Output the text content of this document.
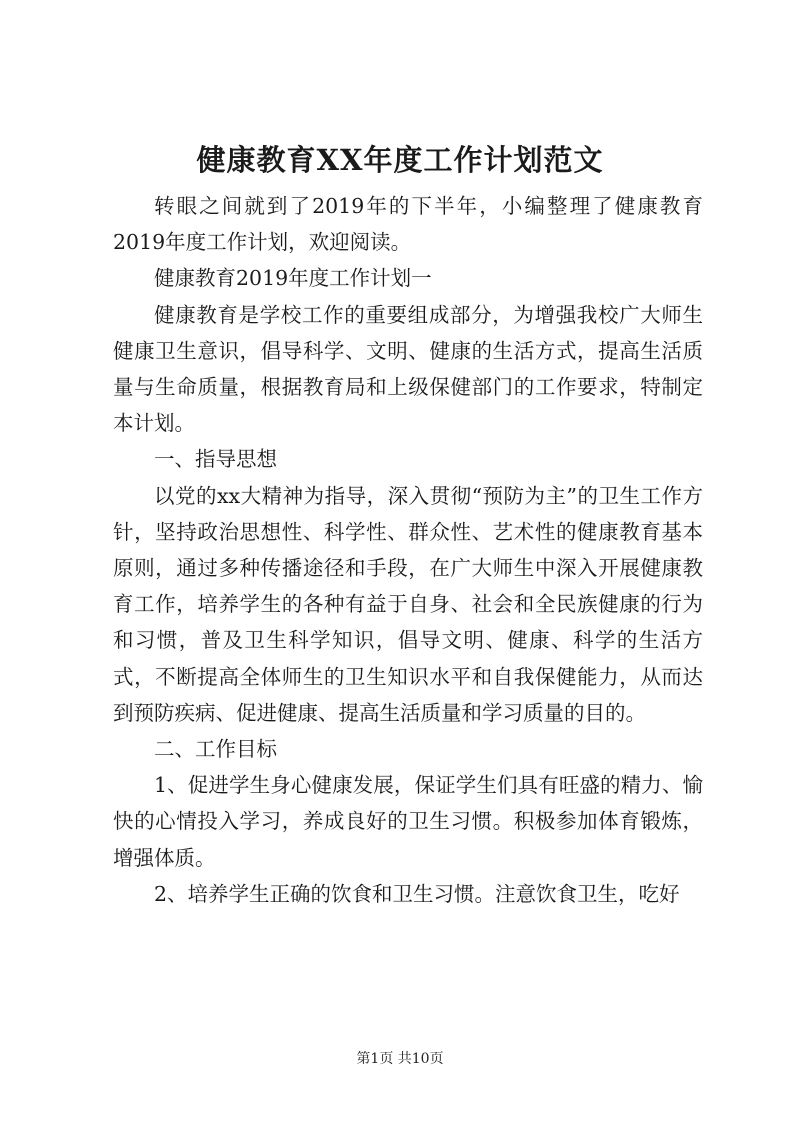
健康教育XX年度工作计划范文

转眼之间就到了2019年的下半年，小编整理了健康教育2019年度工作计划，欢迎阅读。

健康教育2019年度工作计划一

健康教育是学校工作的重要组成部分，为增强我校广大师生健康卫生意识，倡导科学、文明、健康的生活方式，提高生活质量与生命质量，根据教育局和上级保健部门的工作要求，特制定本计划。

一、指导思想

以党的xx大精神为指导，深入贯彻“预防为主”的卫生工作方针，坚持政治思想性、科学性、群众性、艺术性的健康教育基本原则，通过多种传播途径和手段，在广大师生中深入开展健康教育工作，培养学生的各种有益于自身、社会和全民族健康的行为和习惯，普及卫生科学知识，倡导文明、健康、科学的生活方式，不断提高全体师生的卫生知识水平和自我保健能力，从而达到预防疾病、促进健康、提高生活质量和学习质量的目的。

二、工作目标

1、促进学生身心健康发展，保证学生们具有旺盛的精力、愉快的心情投入学习，养成良好的卫生习惯。积极参加体育锻炼，增强体质。

2、培养学生正确的饮食和卫生习惯。注意饮食卫生，吃好

第1页 共10页
